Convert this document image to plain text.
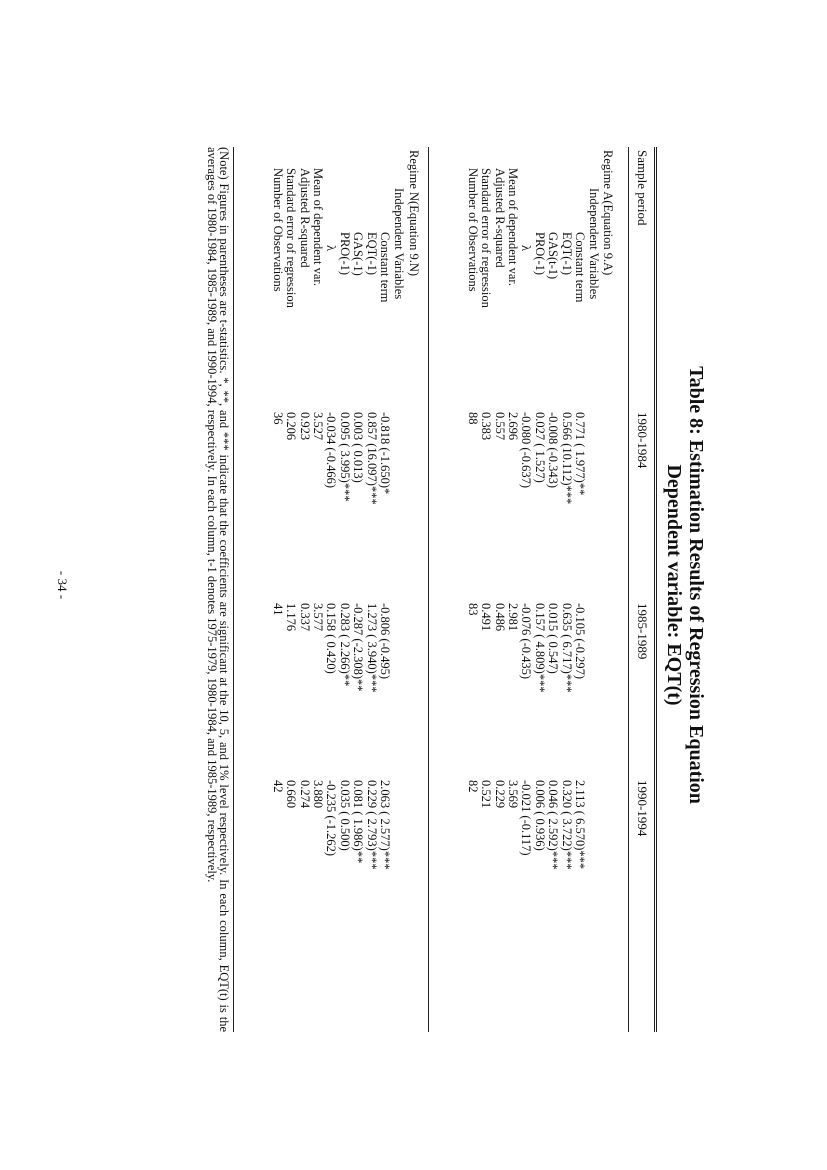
Table 8: Estimation Results of Regression Equation
Dependent variable: EQT(t)
Sample period
1980-1984
1985-1989
1990-1994
Regime A(Equation 9.A)
Independent Variables
Constant term
0.771 ( 1.977)**
-0.105 (-0.297)
2.113 ( 6.570)***
EQT(-1)
0.566 (10.112)***
0.635 ( 6.717)***
0.320 ( 3.722)***
GAS(t-1)
-0.008 (-0.343)
0.015 ( 0.547)
0.046 ( 2.592)***
PRO(-1)
0.027 ( 1.527)
0.157 ( 4.809)***
0.006 ( 0.936)
λ
-0.080 (-0.637)
-0.076 (-0.435)
-0.021 (-0.117)
Mean of dependent var.
2.696
2.981
3.569
Adjusted R-squared
0.557
0.486
0.229
Standard error of regression
0.383
0.491
0.521
Number of Observations
88
83
82
Regime N(Equation 9.N)
Independent Variables
Constant term
-0.818 (-1.650)*
-0.806 (-0.495)
2.063 ( 2.577)***
EQT(-1)
0.857 (16.097)***
1.273 ( 3.940)***
0.229 ( 2.793)***
GAS(-1)
0.003 ( 0.013)
-0.287 (-2.308)**
0.081 ( 1.986)**
PRO(-1)
0.095 ( 3.995)***
0.283 ( 2.266)**
0.035 ( 0.500)
λ
-0.034 (-0.466)
0.158 ( 0.420)
-0.235 (-1.262)
Mean of dependent var.
3.527
3.577
3.880
Adjusted R-squared
0.923
0.337
0.274
Standard error of regression
0.206
1.176
0.660
Number of Observations
36
41
42
(Note) Figures in parentheses are t-statistics. *, **, and *** indicate that the coefficients are significant at the 10, 5, and 1% level respectively. In each column, EQT(t) is the averages of 1980-1984, 1985-1989, and 1990-1994, respectively. In each column, t-1 denotes 1975-1979, 1980-1984, and 1985-1989, respectively.
- 34 -
